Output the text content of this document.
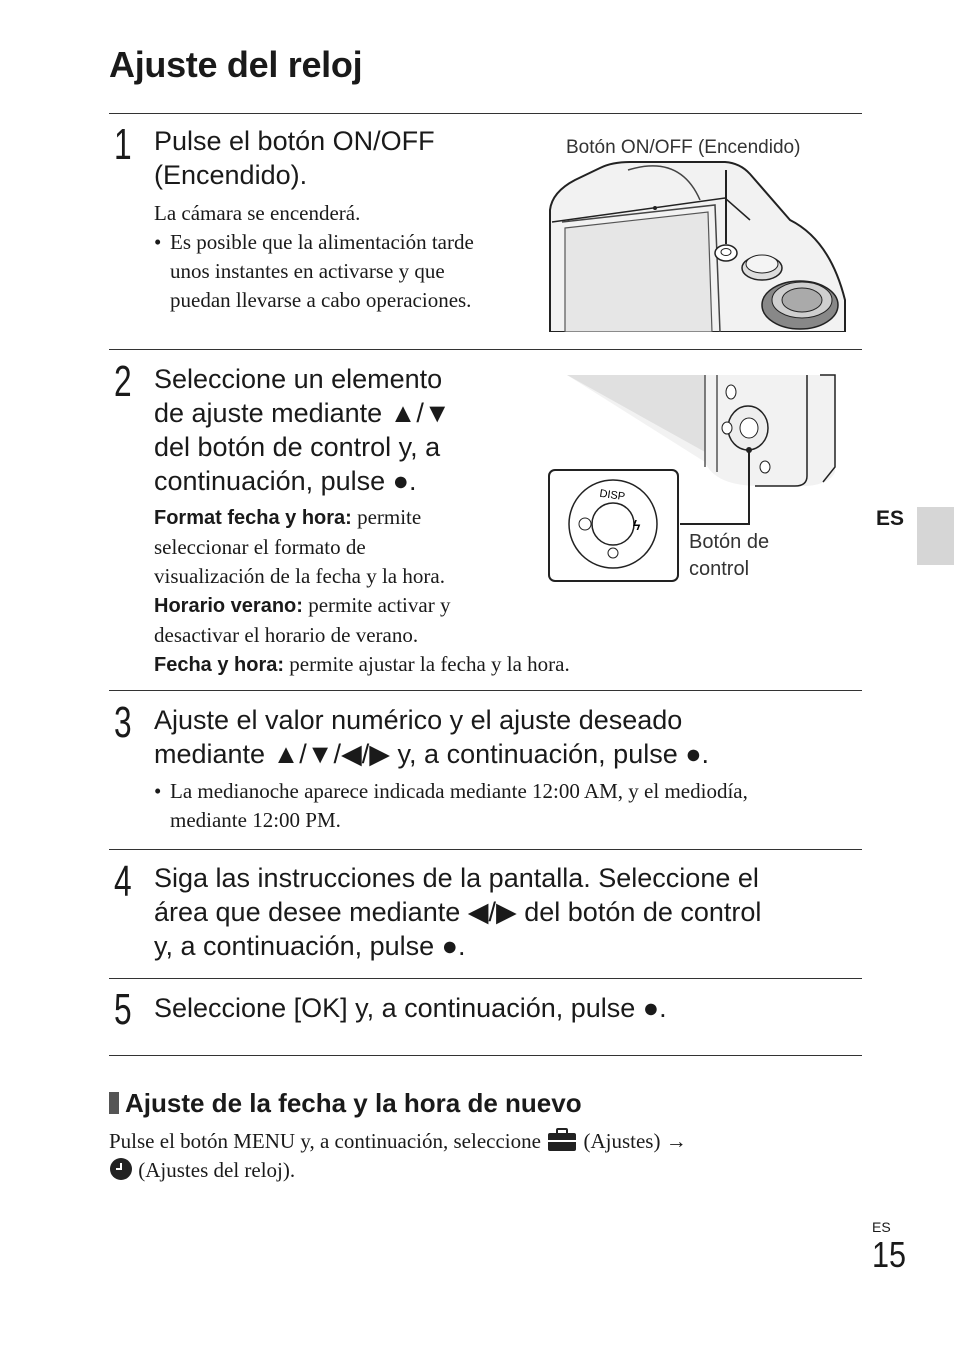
Ajuste del reloj
1 Pulse el botón ON/OFF
(Encendido).
La cámara se encenderá.
• Es posible que la alimentación tarde
unos instantes en activarse y que
puedan llevarse a cabo operaciones.
Botón ON/OFF (Encendido)
2 Seleccione un elemento
de ajuste mediante ▲/▼
del botón de control y, a
continuación, pulse ●.
Format fecha y hora: permite
seleccionar el formato de
visualización de la fecha y la hora.
Horario verano: permite activar y
desactivar el horario de verano.
Fecha y hora: permite ajustar la fecha y la hora.
DISP
ϟ
Botón de
control
ES
3 Ajuste el valor numérico y el ajuste deseado
mediante ▲/▼/◀/▶ y, a continuación, pulse ●.
• La medianoche aparece indicada mediante 12:00 AM, y el mediodía,
mediante 12:00 PM.
4 Siga las instrucciones de la pantalla. Seleccione el
área que desee mediante ◀/▶ del botón de control
y, a continuación, pulse ●.
5 Seleccione [OK] y, a continuación, pulse ●.
Ajuste de la fecha y la hora de nuevo
Pulse el botón MENU y, a continuación, seleccione  (Ajustes) →
(Ajustes del reloj).
ES
15
